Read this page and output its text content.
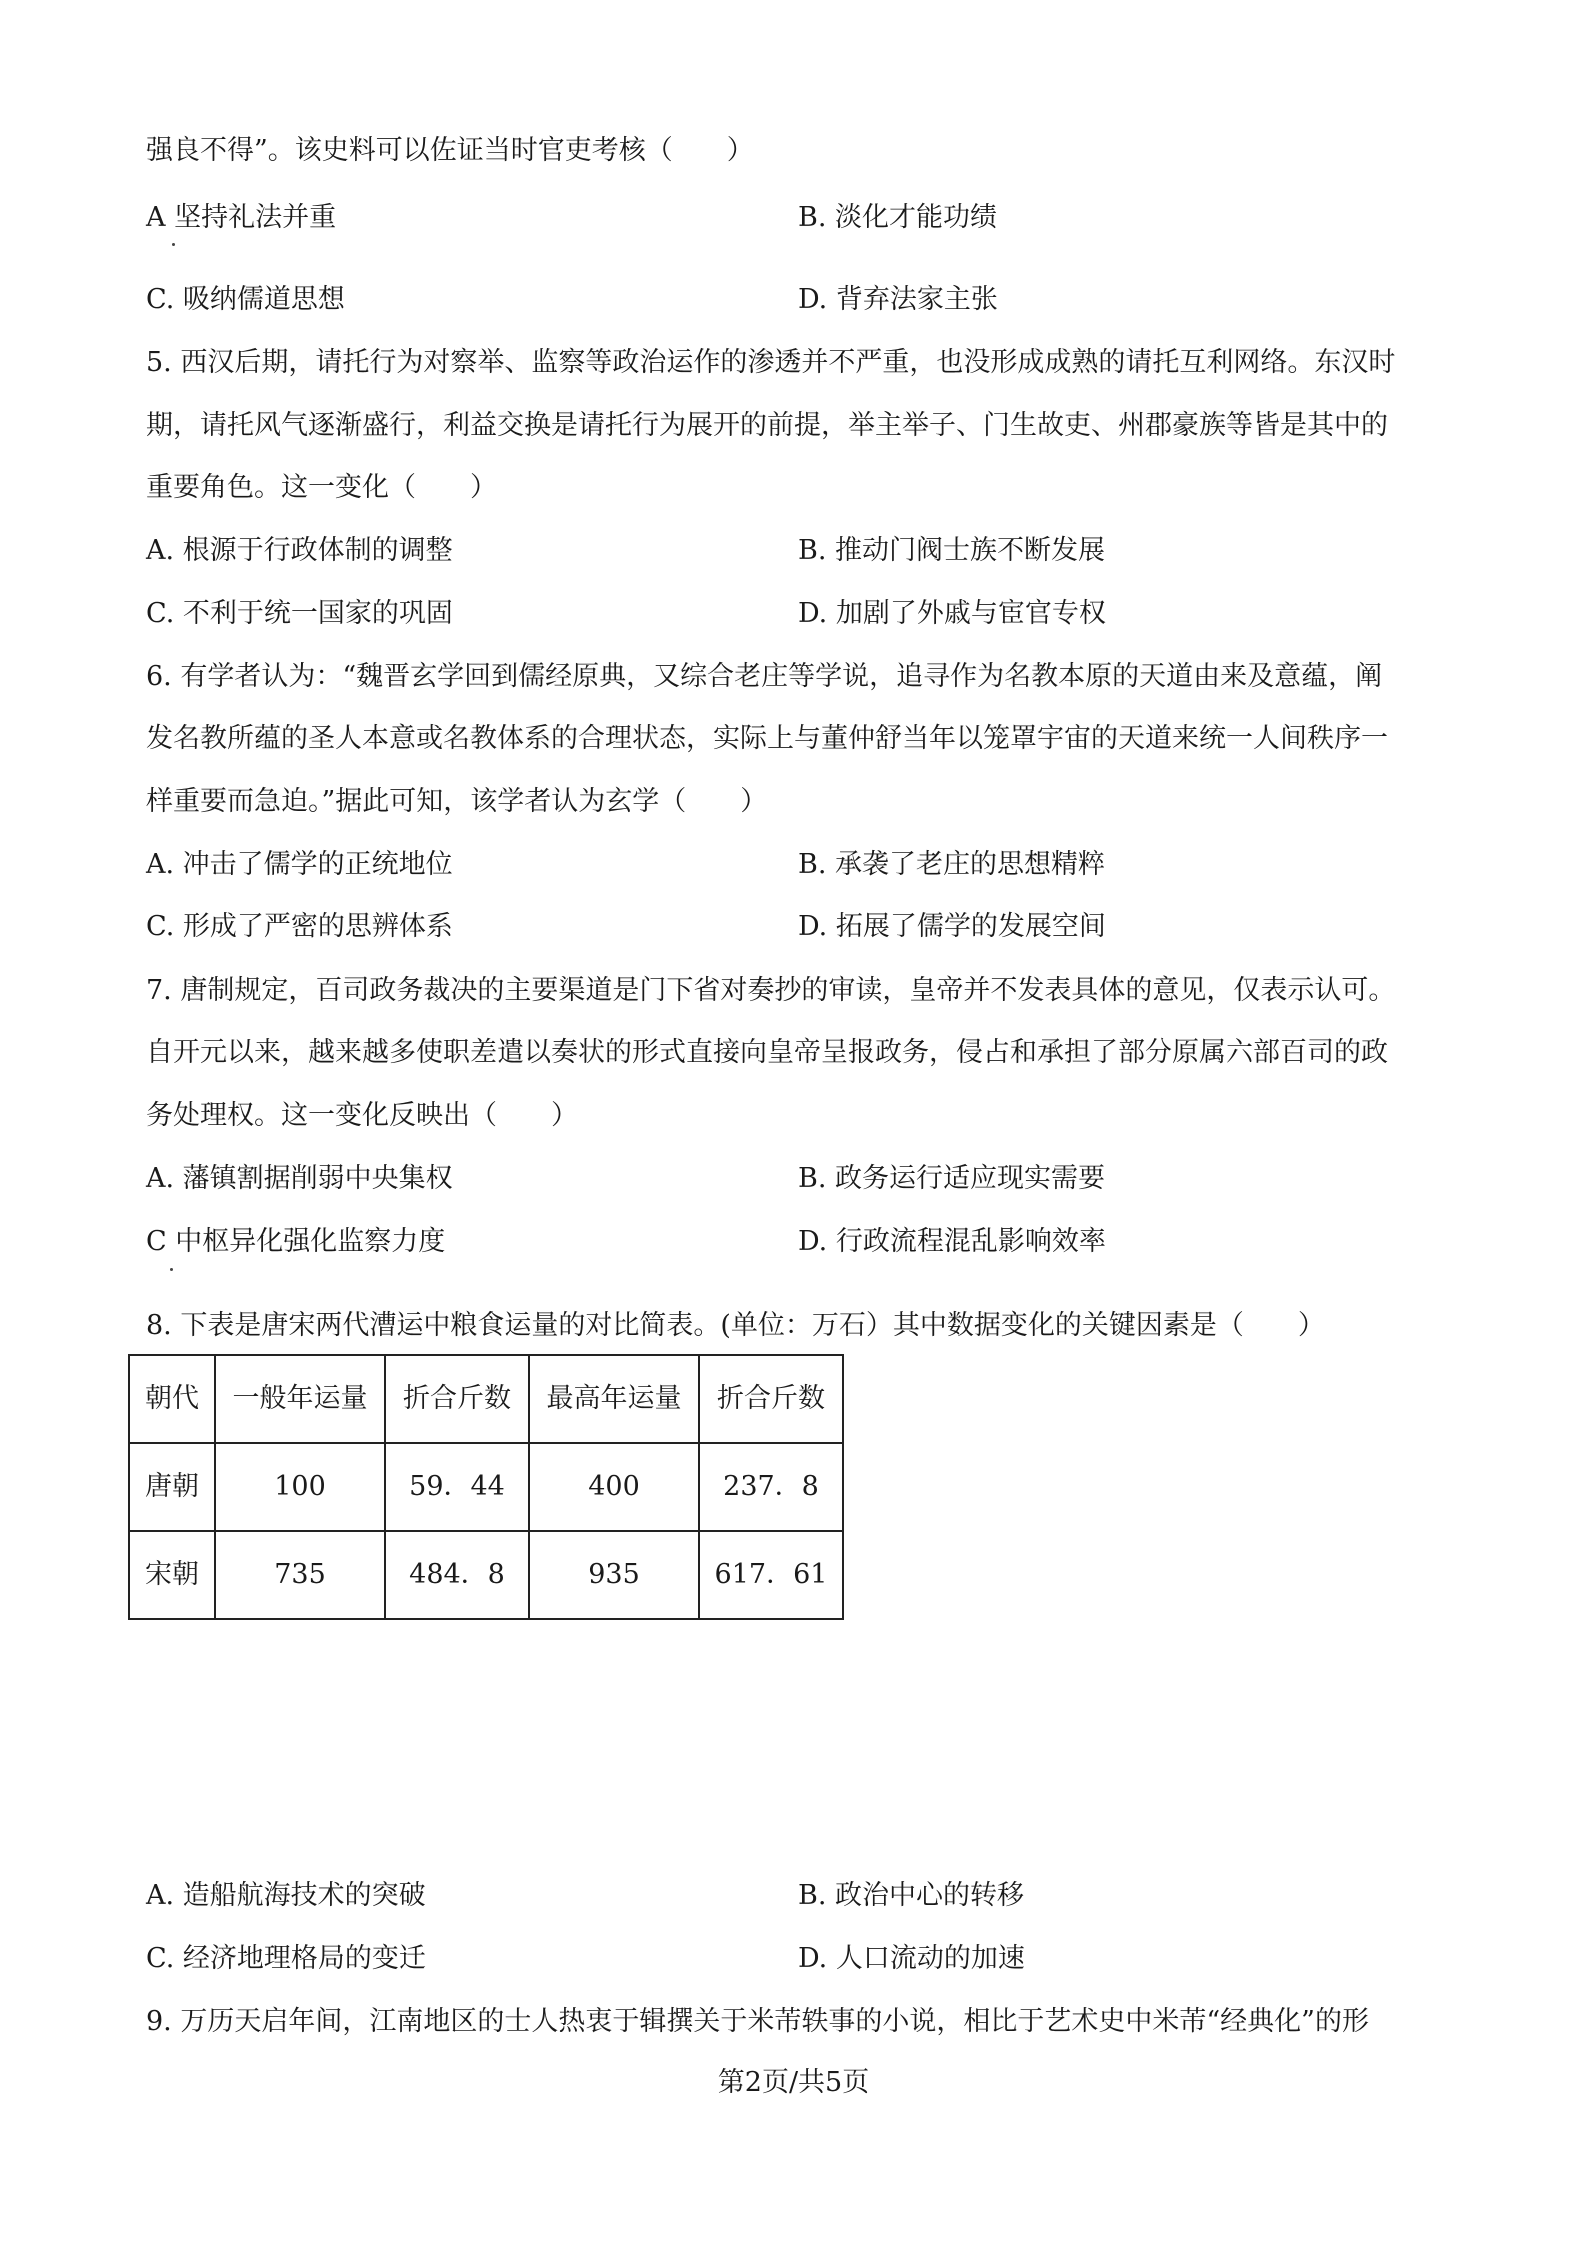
强良不得”。该史料可以佐证当时官吏考核（　　）
A 坚持礼法并重	B. 淡化才能功绩
C. 吸纳儒道思想	D. 背弃法家主张
5. 西汉后期，请托行为对察举、监察等政治运作的渗透并不严重，也没形成成熟的请托互利网络。东汉时
期，请托风气逐渐盛行，利益交换是请托行为展开的前提，举主举子、门生故吏、州郡豪族等皆是其中的
重要角色。这一变化（　　）
A. 根源于行政体制的调整	B. 推动门阀士族不断发展
C. 不利于统一国家的巩固	D. 加剧了外戚与宦官专权
6. 有学者认为：“魏晋玄学回到儒经原典，又综合老庄等学说，追寻作为名教本原的天道由来及意蕴，阐
发名教所蕴的圣人本意或名教体系的合理状态，实际上与董仲舒当年以笼罩宇宙的天道来统一人间秩序一
样重要而急迫。”据此可知，该学者认为玄学（　　）
A. 冲击了儒学的正统地位	B. 承袭了老庄的思想精粹
C. 形成了严密的思辨体系	D. 拓展了儒学的发展空间
7. 唐制规定，百司政务裁决的主要渠道是门下省对奏抄的审读，皇帝并不发表具体的意见，仅表示认可。
自开元以来，越来越多使职差遣以奏状的形式直接向皇帝呈报政务，侵占和承担了部分原属六部百司的政
务处理权。这一变化反映出（　　）
A. 藩镇割据削弱中央集权	B. 政务运行适应现实需要
C 中枢异化强化监察力度	D. 行政流程混乱影响效率
8. 下表是唐宋两代漕运中粮食运量的对比简表。(单位：万石）其中数据变化的关键因素是（　　）
朝代	一般年运量	折合斤数	最高年运量	折合斤数
唐朝	100	59．44	400	237．8
宋朝	735	484．8	935	617．61
A. 造船航海技术的突破	B. 政治中心的转移
C. 经济地理格局的变迁	D. 人口流动的加速
9. 万历天启年间，江南地区的士人热衷于辑撰关于米芾轶事的小说，相比于艺术史中米芾“经典化”的形
第2页/共5页
